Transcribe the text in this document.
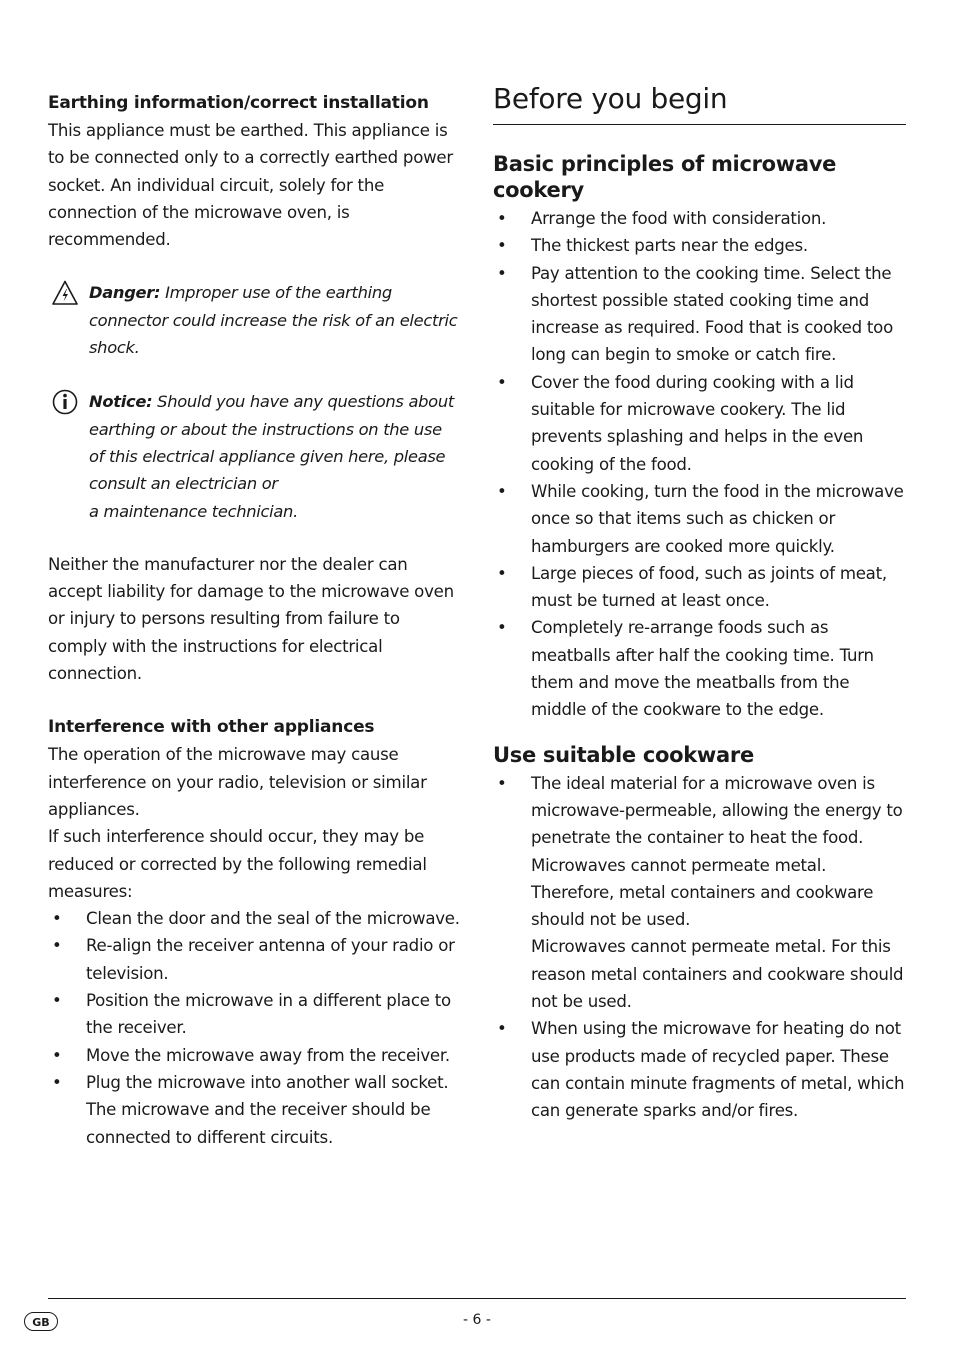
Earthing information/correct installation

This appliance must be earthed. This appliance is to be connected only to a correctly earthed power socket. An individual circuit, solely for the connection of the microwave oven, is recommended.

Danger: Improper use of the earthing connector could increase the risk of an electric shock.

Notice: Should you have any questions about earthing or about the instructions on the use of this electrical appliance given here, please consult an electrician or
a maintenance technician.

Neither the manufacturer nor the dealer can accept liability for damage to the microwave oven or injury to persons resulting from failure to comply with the instructions for electrical connection.

Interference with other appliances

The operation of the microwave may cause interference on your radio, television or similar appliances.

If such interference should occur, they may be reduced or corrected by the following remedial measures:

• Clean the door and the seal of the microwave.
• Re-align the receiver antenna of your radio or television.
• Position the microwave in a different place to the receiver.
• Move the microwave away from the receiver.
• Plug the microwave into another wall socket. The microwave and the receiver should be connected to different circuits.
Before you begin
Basic principles of microwave cookery
• Arrange the food with consideration.
• The thickest parts near the edges.
• Pay attention to the cooking time. Select the shortest possible stated cooking time and increase as required. Food that is cooked too long can begin to smoke or catch fire.
• Cover the food during cooking with a lid suitable for microwave cookery. The lid prevents splashing and helps in the even cooking of the food.
• While cooking, turn the food in the microwave once so that items such as chicken or hamburgers are cooked more quickly.
• Large pieces of food, such as joints of meat, must be turned at least once.
• Completely re-arrange foods such as meatballs after half the cooking time. Turn them and move the meatballs from the middle of the cookware to the edge.
Use suitable cookware
• The ideal material for a microwave oven is microwave-permeable, allowing the energy to penetrate the container to heat the food.
Microwaves cannot permeate metal. Therefore, metal containers and cookware should not be used.
Microwaves cannot permeate metal. For this reason metal containers and cookware should not be used.
• When using the microwave for heating do not use products made of recycled paper. These can contain minute fragments of metal, which can generate sparks and/or fires.
GB	- 6 -
